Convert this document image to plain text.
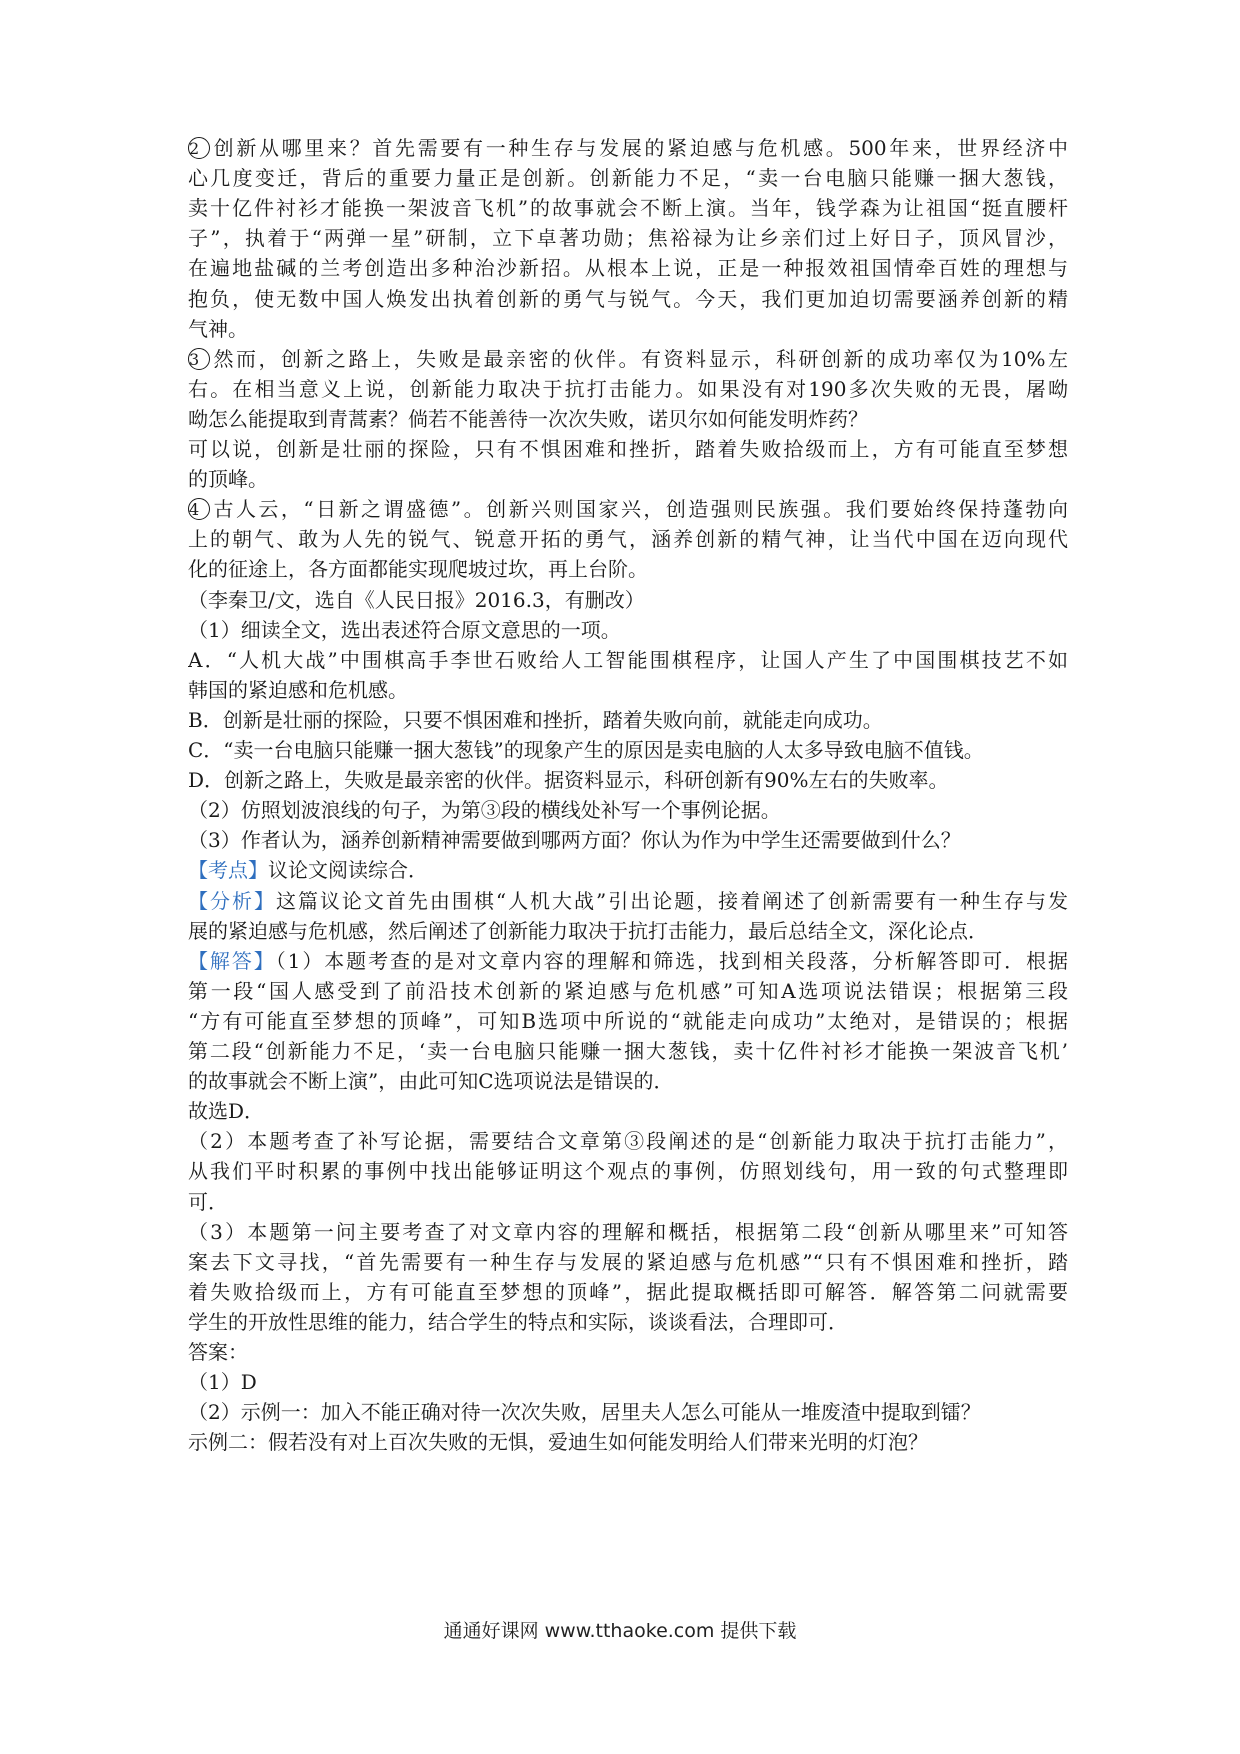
2 创新从哪里来？首先需要有一种生存与发展的紧迫感与危机感。500年来，世界经济中
心几度变迁，背后的重要力量正是创新。创新能力不足，“卖一台电脑只能赚一捆大葱钱，
卖十亿件衬衫才能换一架波音飞机”的故事就会不断上演。当年，钱学森为让祖国“挺直腰杆
子”，执着于“两弹一星”研制，立下卓著功勋；焦裕禄为让乡亲们过上好日子，顶风冒沙，
在遍地盐碱的兰考创造出多种治沙新招。从根本上说，正是一种报效祖国情牵百姓的理想与
抱负，使无数中国人焕发出执着创新的勇气与锐气。今天，我们更加迫切需要涵养创新的精
气神。
3 然而，创新之路上，失败是最亲密的伙伴。有资料显示，科研创新的成功率仅为10%左
右。在相当意义上说，创新能力取决于抗打击能力。如果没有对190多次失败的无畏，屠呦
呦怎么能提取到青蒿素？倘若不能善待一次次失败，诺贝尔如何能发明炸药？
可以说，创新是壮丽的探险，只有不惧困难和挫折，踏着失败拾级而上，方有可能直至梦想
的顶峰。
4 古人云，“日新之谓盛德”。创新兴则国家兴，创造强则民族强。我们要始终保持蓬勃向
上的朝气、敢为人先的锐气、锐意开拓的勇气，涵养创新的精气神，让当代中国在迈向现代
化的征途上，各方面都能实现爬坡过坎，再上台阶。
（李秦卫/文，选自《人民日报》2016.3，有删改）
（1）细读全文，选出表述符合原文意思的一项。
A．“人机大战”中围棋高手李世石败给人工智能围棋程序，让国人产生了中国围棋技艺不如
韩国的紧迫感和危机感。
B．创新是壮丽的探险，只要不惧困难和挫折，踏着失败向前，就能走向成功。
C．“卖一台电脑只能赚一捆大葱钱”的现象产生的原因是卖电脑的人太多导致电脑不值钱。
D．创新之路上，失败是最亲密的伙伴。据资料显示，科研创新有90%左右的失败率。
（2）仿照划波浪线的句子，为第③段的横线处补写一个事例论据。
（3）作者认为，涵养创新精神需要做到哪两方面？你认为作为中学生还需要做到什么？
【考点】议论文阅读综合．
【分析】这篇议论文首先由围棋“人机大战”引出论题，接着阐述了创新需要有一种生存与发
展的紧迫感与危机感，然后阐述了创新能力取决于抗打击能力，最后总结全文，深化论点．
【解答】（1）本题考查的是对文章内容的理解和筛选，找到相关段落，分析解答即可．根据
第一段“国人感受到了前沿技术创新的紧迫感与危机感”可知A选项说法错误；根据第三段
“方有可能直至梦想的顶峰”，可知B选项中所说的“就能走向成功”太绝对，是错误的；根据
第二段“创新能力不足，‘卖一台电脑只能赚一捆大葱钱，卖十亿件衬衫才能换一架波音飞机’
的故事就会不断上演”，由此可知C选项说法是错误的．
故选D．
（2）本题考查了补写论据，需要结合文章第③段阐述的是“创新能力取决于抗打击能力”，
从我们平时积累的事例中找出能够证明这个观点的事例，仿照划线句，用一致的句式整理即
可．
（3）本题第一问主要考查了对文章内容的理解和概括，根据第二段“创新从哪里来”可知答
案去下文寻找，“首先需要有一种生存与发展的紧迫感与危机感”“只有不惧困难和挫折，踏
着失败拾级而上，方有可能直至梦想的顶峰”，据此提取概括即可解答．解答第二问就需要
学生的开放性思维的能力，结合学生的特点和实际，谈谈看法，合理即可．
答案：
（1）D
（2）示例一：加入不能正确对待一次次失败，居里夫人怎么可能从一堆废渣中提取到镭？
示例二：假若没有对上百次失败的无惧，爱迪生如何能发明给人们带来光明的灯泡？
通通好课网 www.tthaoke.com 提供下载
